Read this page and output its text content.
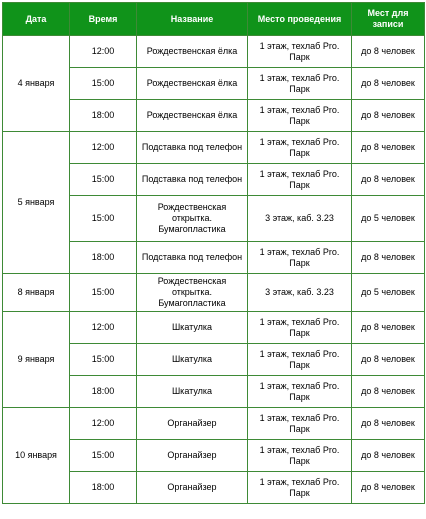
Дата	Время	Название	Место проведения	Мест для записи
4 января	12:00	Рождественская ёлка	1 этаж, техлаб Pro. Парк	до 8 человек
	15:00	Рождественская ёлка	1 этаж, техлаб Pro. Парк	до 8 человек
	18:00	Рождественская ёлка	1 этаж, техлаб Pro. Парк	до 8 человек
5 января	12:00	Подставка под телефон	1 этаж, техлаб Pro. Парк	до 8 человек
	15:00	Подставка под телефон	1 этаж, техлаб Pro. Парк	до 8 человек
	15:00	Рождественская открытка. Бумагопластика	3 этаж, каб. 3.23	до 5 человек
	18:00	Подставка под телефон	1 этаж, техлаб Pro. Парк	до 8 человек
8 января	15:00	Рождественская открытка. Бумагопластика	3 этаж, каб. 3.23	до 5 человек
9 января	12:00	Шкатулка	1 этаж, техлаб Pro. Парк	до 8 человек
	15:00	Шкатулка	1 этаж, техлаб Pro. Парк	до 8 человек
	18:00	Шкатулка	1 этаж, техлаб Pro. Парк	до 8 человек
10 января	12:00	Органайзер	1 этаж, техлаб Pro. Парк	до 8 человек
	15:00	Органайзер	1 этаж, техлаб Pro. Парк	до 8 человек
	18:00	Органайзер	1 этаж, техлаб Pro. Парк	до 8 человек
